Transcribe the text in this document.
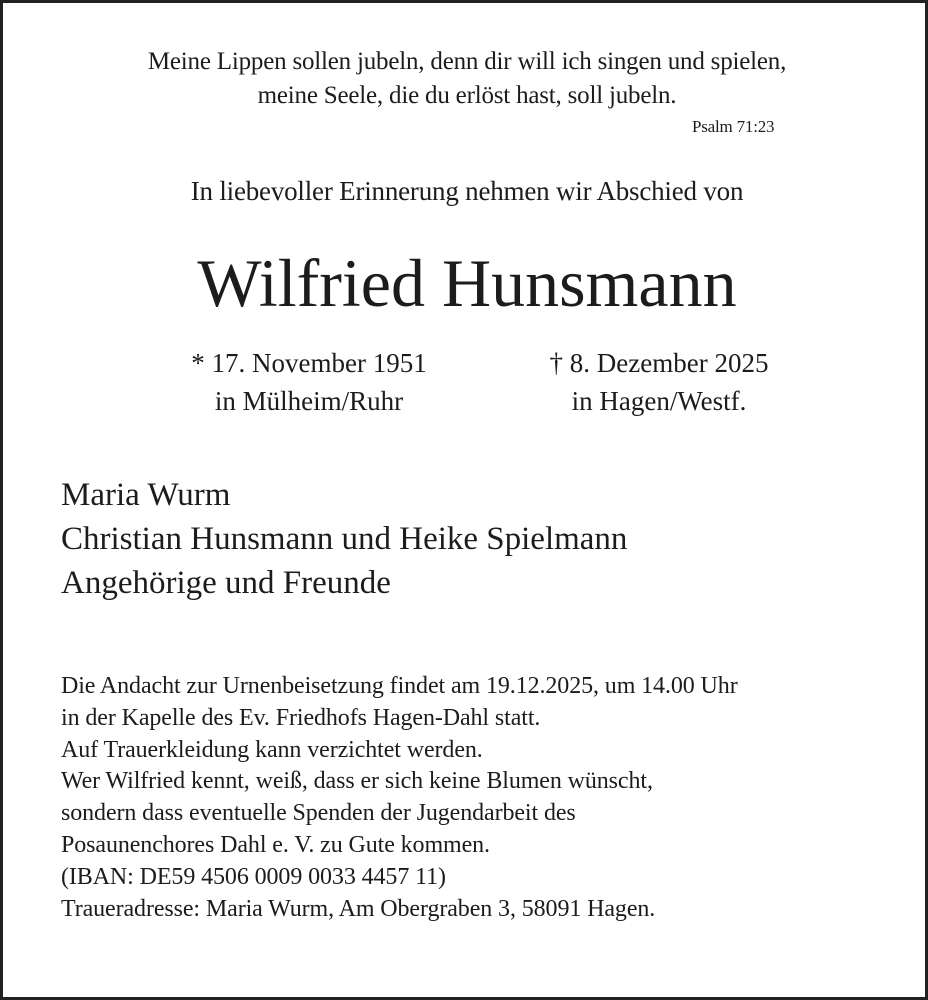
Meine Lippen sollen jubeln, denn dir will ich singen und spielen,
meine Seele, die du erlöst hast, soll jubeln.
Psalm 71:23
In liebevoller Erinnerung nehmen wir Abschied von
Wilfried Hunsmann
* 17. November 1951
in Mülheim/Ruhr
† 8. Dezember 2025
in Hagen/Westf.
Maria Wurm
Christian Hunsmann und Heike Spielmann
Angehörige und Freunde
Die Andacht zur Urnenbeisetzung findet am 19.12.2025, um 14.00 Uhr
in der Kapelle des Ev. Friedhofs Hagen-Dahl statt.
Auf Trauerkleidung kann verzichtet werden.
Wer Wilfried kennt, weiß, dass er sich keine Blumen wünscht,
sondern dass eventuelle Spenden der Jugendarbeit des
Posaunenchores Dahl e. V. zu Gute kommen.
(IBAN: DE59 4506 0009 0033 4457 11)
Traueradresse: Maria Wurm, Am Obergraben 3, 58091 Hagen.
